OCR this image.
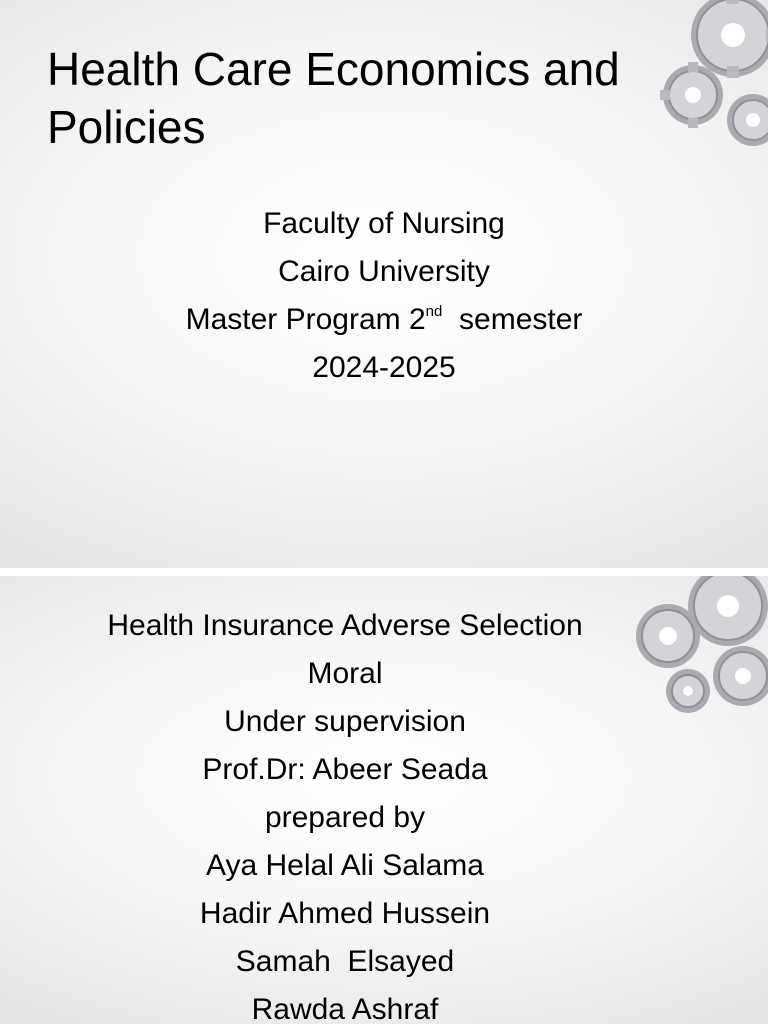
Health Care Economics and Policies
Faculty of Nursing
Cairo University
Master Program 2nd  semester
2024-2025
Health Insurance Adverse Selection
Moral
Under supervision
Prof.Dr: Abeer Seada
prepared by
Aya Helal Ali Salama
Hadir Ahmed Hussein
Samah  Elsayed
Rawda Ashraf
